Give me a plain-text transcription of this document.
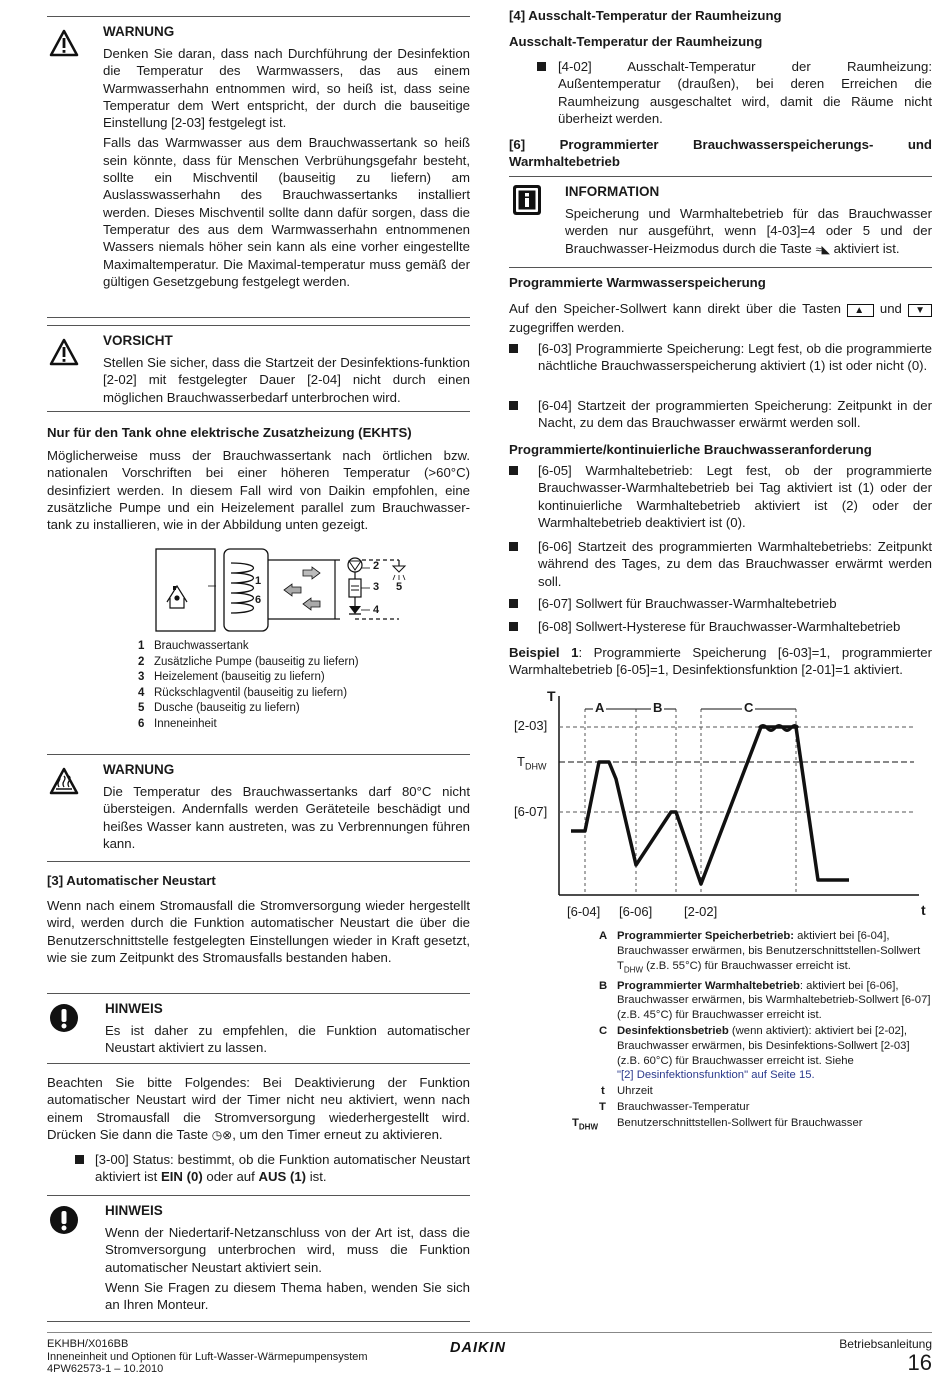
WARNUNG

Denken Sie daran, dass nach Durchführung der Desinfektion die Temperatur des Warmwassers, das aus einem Warmwasserhahn entnommen wird, so heiß ist, dass seine Temperatur dem Wert entspricht, der durch die bauseitige Einstellung [2-03] festgelegt ist.

Falls das Warmwasser aus dem Brauchwassertank so heiß sein könnte, dass für Menschen Verbrühungsgefahr besteht, sollte ein Mischventil (bauseitig zu liefern) am Auslasswasserhahn des Brauchwassertanks installiert werden. Dieses Mischventil sollte dann dafür sorgen, dass die Temperatur des aus dem Warmwasserhahn entnommenen Wassers niemals höher sein kann als eine vorher eingestellte Maximaltemperatur. Die Maximal-temperatur muss gemäß der gültigen Gesetzgebung festgelegt werden.

VORSICHT

Stellen Sie sicher, dass die Startzeit der Desinfektions-funktion [2-02] mit festgelegter Dauer [2-04] nicht durch einen möglichen Brauchwasserbedarf unterbrochen wird.

Nur für den Tank ohne elektrische Zusatzheizung (EKHTS)

Möglicherweise muss der Brauchwassertank nach örtlichen bzw. nationalen Vorschriften bei einer höheren Temperatur (>60°C) desinfiziert werden. In diesem Fall wird von Daikin empfohlen, eine zusätzliche Pumpe und ein Heizelement parallel zum Brauchwasser-tank zu installieren, wie in der Abbildung unten gezeigt.

1
6
2
3
4
5
1	Brauchwassertank
2	Zusätzliche Pumpe (bauseitig zu liefern)
3	Heizelement (bauseitig zu liefern)
4	Rückschlagventil (bauseitig zu liefern)
5	Dusche (bauseitig zu liefern)
6	Inneneinheit
WARNUNG

Die Temperatur des Brauchwassertanks darf 80°C nicht übersteigen. Andernfalls werden Geräteteile beschädigt und heißes Wasser kann austreten, was zu Verbrennungen führen kann.

[3] Automatischer Neustart

Wenn nach einem Stromausfall die Stromversorgung wieder hergestellt wird, werden durch die Funktion automatischer Neustart die über die Benutzerschnittstelle festgelegten Einstellungen wieder in Kraft gesetzt, wie sie zum Zeitpunkt des Stromausfalls bestanden haben.

HINWEIS

Es ist daher zu empfehlen, die Funktion automatischer Neustart aktiviert zu lassen.

Beachten Sie bitte Folgendes: Bei Deaktivierung der Funktion automatischer Neustart wird der Timer nicht neu aktiviert, wenn nach einem Stromausfall die Stromversorgung wiederhergestellt wird. Drücken Sie dann die Taste ◷⊗, um den Timer erneut zu aktivieren.

[3-00] Status: bestimmt, ob die Funktion automatischer Neustart aktiviert ist EIN (0) oder auf AUS (1) ist.

HINWEIS

Wenn der Niedertarif-Netzanschluss von der Art ist, dass die Stromversorgung unterbrochen wird, muss die Funktion automatischer Neustart aktiviert sein.

Wenn Sie Fragen zu diesem Thema haben, wenden Sie sich an Ihren Monteur.

[4] Ausschalt-Temperatur der Raumheizung
Ausschalt-Temperatur der Raumheizung

[4-02] Ausschalt-Temperatur der Raumheizung: Außentemperatur (draußen), bei deren Erreichen die Raumheizung ausgeschaltet wird, damit die Räume nicht überheizt werden.

[6] Programmierter Brauchwasserspeicherungs- und Warmhaltebetrieb
INFORMATION

Speicherung und Warmhaltebetrieb für das Brauchwasser werden nur ausgeführt, wenn [4-03]=4 oder 5 und der Brauchwasser-Heizmodus durch die Taste ≈◣ aktiviert ist.

Programmierte Warmwasserspeicherung

Auf den Speicher-Sollwert kann direkt über die Tasten ▲ und ▼ zugegriffen werden.

[6-03] Programmierte Speicherung: Legt fest, ob die programmierte nächtliche Brauchwasserspeicherung aktiviert (1) ist oder nicht (0).

[6-04] Startzeit der programmierten Speicherung: Zeitpunkt in der Nacht, zu dem das Brauchwasser erwärmt werden soll.

Programmierte/kontinuierliche Brauchwasseranforderung

[6-05] Warmhaltebetrieb: Legt fest, ob der programmierte Brauchwasser-Warmhaltebetrieb bei Tag aktiviert ist (1) oder der kontinuierliche Warmhaltebetrieb aktiviert ist (2) oder der Warmhaltebetrieb deaktiviert ist (0).

[6-06] Startzeit des programmierten Warmhaltebetriebs: Zeitpunkt während des Tages, zu dem das Brauchwasser erwärmt werden soll.

[6-07] Sollwert für Brauchwasser-Warmhaltebetrieb

[6-08] Sollwert-Hysterese für Brauchwasser-Warmhaltebetrieb

Beispiel 1: Programmierte Speicherung [6-03]=1, programmierter Warmhaltebetrieb [6-05]=1, Desinfektionsfunktion [2-01]=1 aktiviert.

T
t
[2-03]
$T_{DHW}$
[6-07]
[6-04] [6-06] [2-02]
A	B	C
A Programmierter Speicherbetrieb: aktiviert bei [6-04], Brauchwasser erwärmen, bis Benutzerschnittstellen-Sollwert $T_{DHW}$ (z.B. 55°C) für Brauchwasser erreicht ist.
B Programmierter Warmhaltebetrieb: aktiviert bei [6-06], Brauchwasser erwärmen, bis Warmhaltebetrieb-Sollwert [6-07] (z.B. 45°C) für Brauchwasser erreicht ist.
C Desinfektionsbetrieb (wenn aktiviert): aktiviert bei [2-02], Brauchwasser erwärmen, bis Desinfektions-Sollwert [2-03] (z.B. 60°C) für Brauchwasser erreicht ist. Siehe
"[2] Desinfektionsfunktion" auf Seite 15.
t Uhrzeit
T Brauchwasser-Temperatur
$T_{DHW}$ Benutzerschnittstellen-Sollwert für Brauchwasser
EKHBH/X016BB
Inneneinheit und Optionen für Luft-Wasser-Wärmepumpensystem
4PW62573-1 – 10.2010
DAIKIN	Betriebsanleitung
16
